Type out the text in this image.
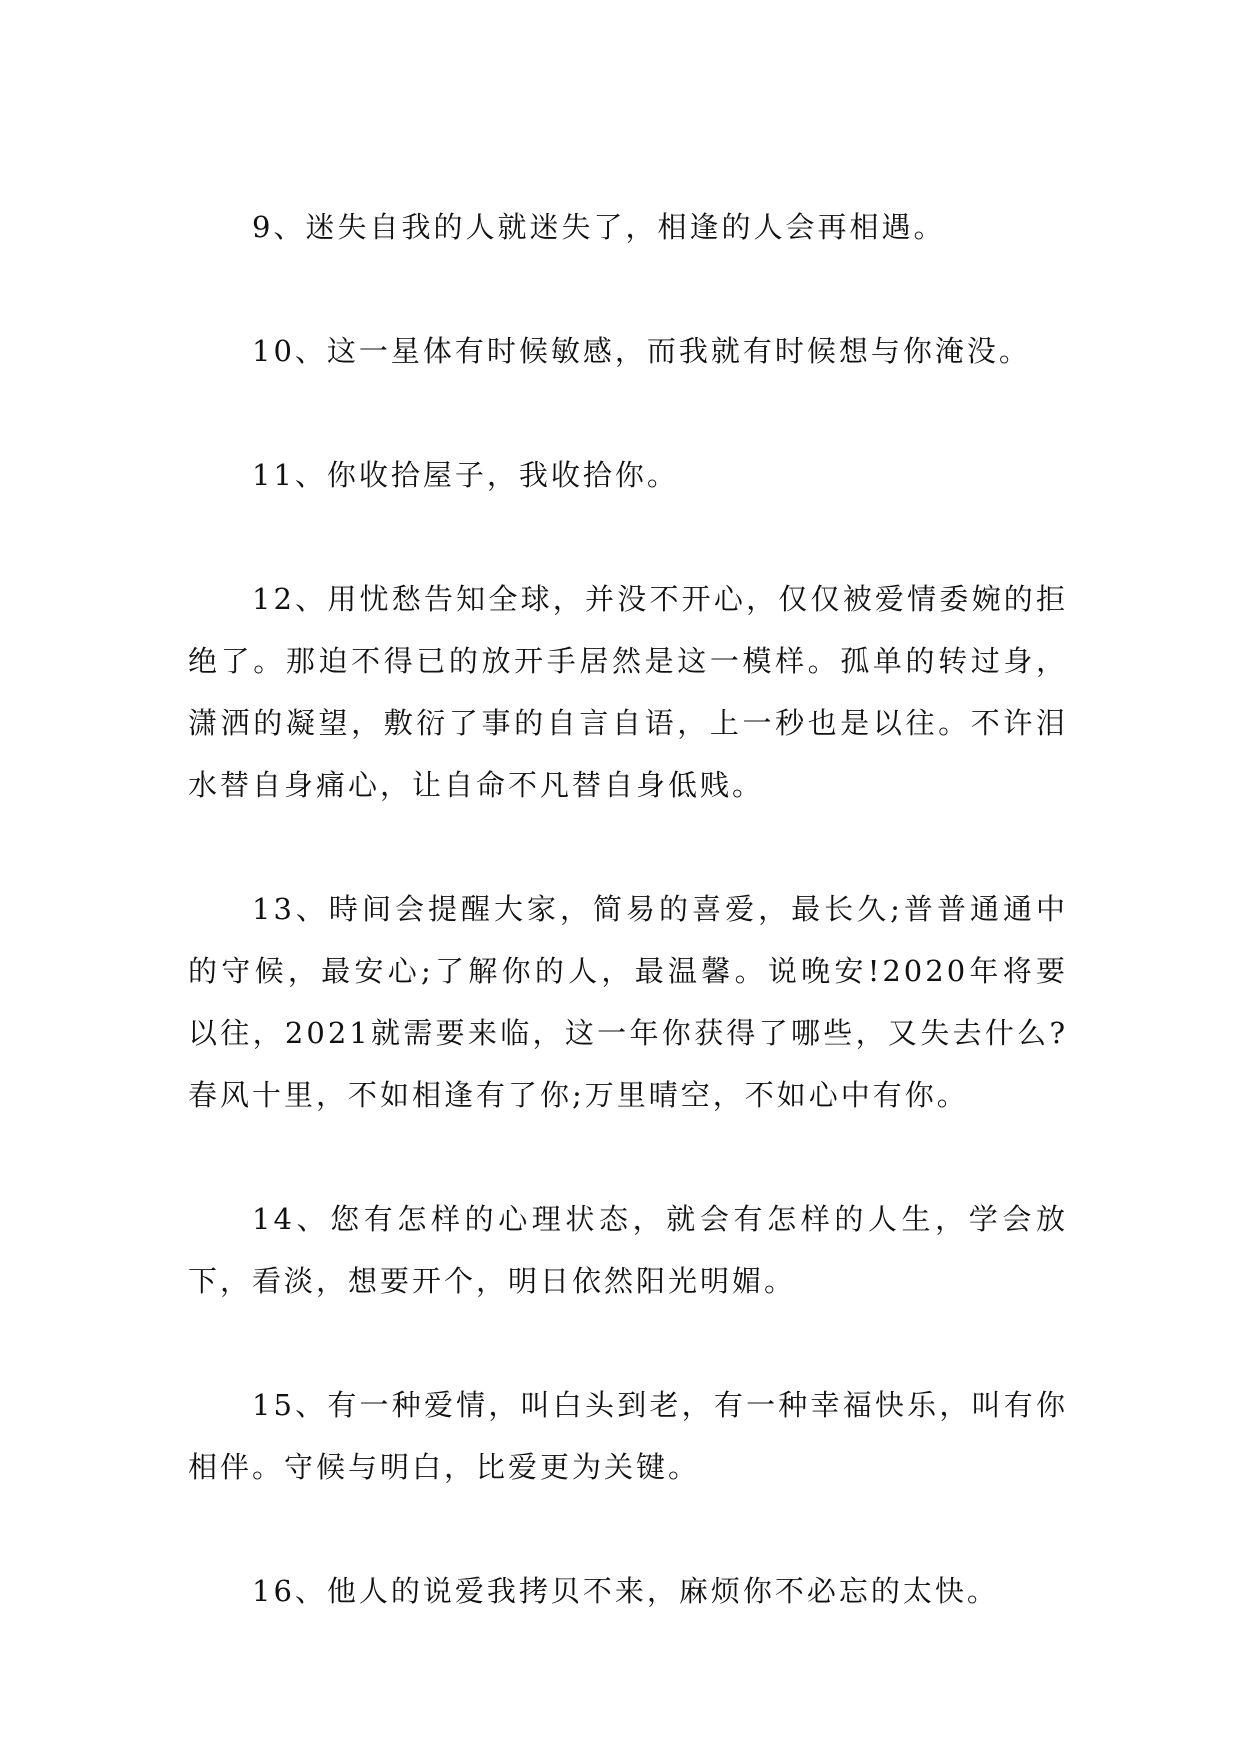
9、迷失自我的人就迷失了，相逢的人会再相遇。

10、这一星体有时候敏感，而我就有时候想与你淹没。

11、你收拾屋子，我收拾你。

12、用忧愁告知全球，并没不开心，仅仅被爱情委婉的拒绝了。那迫不得已的放开手居然是这一模样。孤单的转过身，潇洒的凝望，敷衍了事的自言自语，上一秒也是以往。不许泪水替自身痛心，让自命不凡替自身低贱。

13、時间会提醒大家，简易的喜爱，最长久;普普通通中的守候，最安心;了解你的人，最温馨。说晚安!2020年将要以往，2021就需要来临，这一年你获得了哪些，又失去什么? 春风十里，不如相逢有了你;万里晴空，不如心中有你。

14、您有怎样的心理状态，就会有怎样的人生，学会放下，看淡，想要开个，明日依然阳光明媚。

15、有一种爱情，叫白头到老，有一种幸福快乐，叫有你相伴。守候与明白，比爱更为关键。

16、他人的说爱我拷贝不来，麻烦你不必忘的太快。
